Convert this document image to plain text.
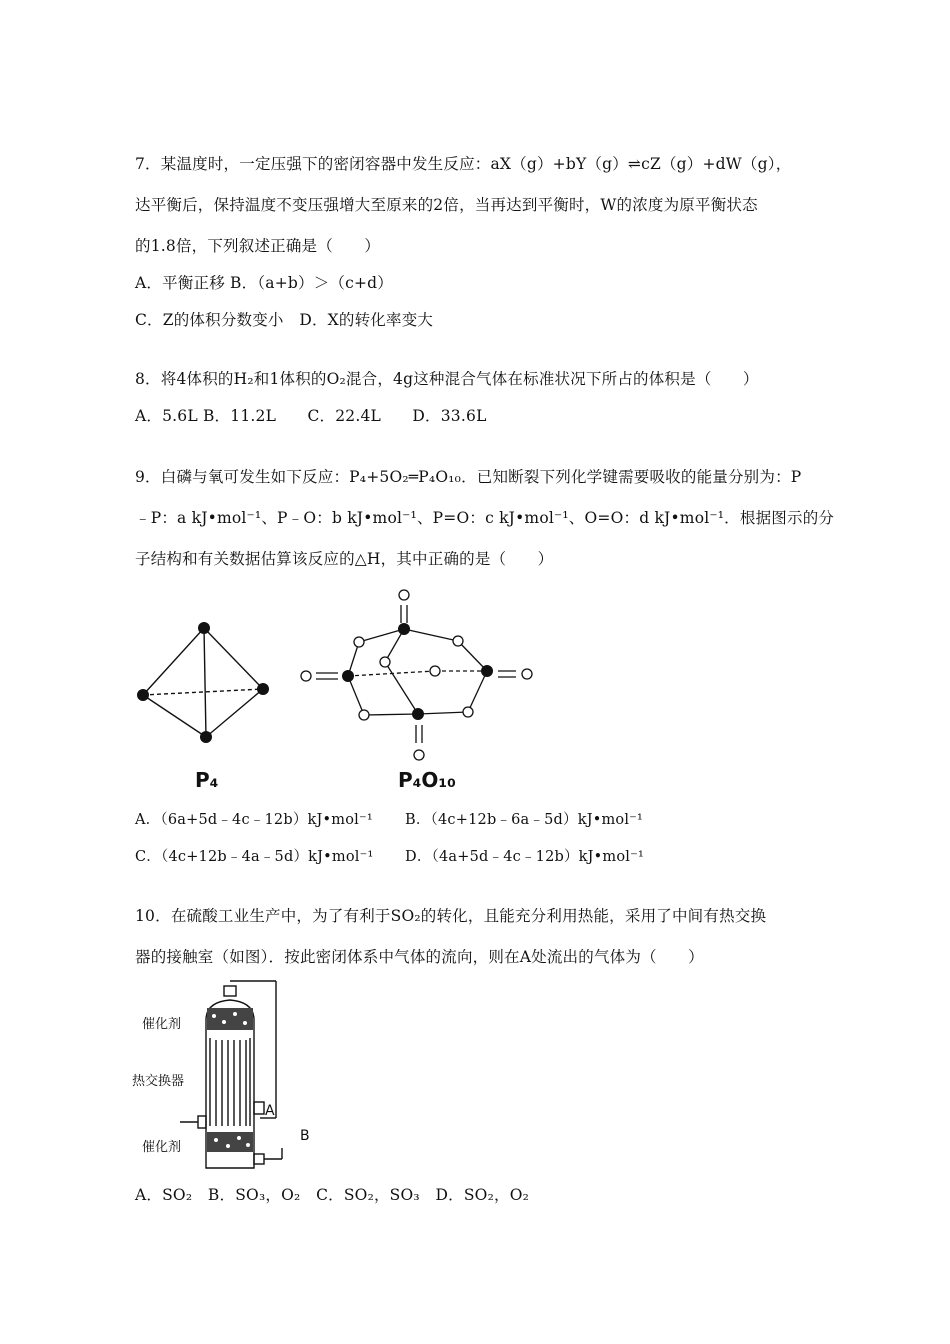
7．某温度时，一定压强下的密闭容器中发生反应：aX（g）+bY（g）⇌cZ（g）+dW（g），
达平衡后，保持温度不变压强增大至原来的2倍，当再达到平衡时，W的浓度为原平衡状态
的1.8倍，下列叙述正确是（　　）
A．平衡正移 B．（a+b）＞（c+d）
C．Z的体积分数变小　D．X的转化率变大
8．将4体积的H₂和1体积的O₂混合，4g这种混合气体在标准状况下所占的体积是（　　）
A．5.6L B．11.2L　　C．22.4L　　D．33.6L
9．白磷与氧可发生如下反应：P₄+5O₂═P₄O₁₀．已知断裂下列化学键需要吸收的能量分别为：P
﹣P：a kJ•mol⁻¹、P﹣O：b kJ•mol⁻¹、P=O：c kJ•mol⁻¹、O=O：d kJ•mol⁻¹．根据图示的分
子结构和有关数据估算该反应的△H，其中正确的是（　　）
P₄	P₄O₁₀
A．（6a+5d﹣4c﹣12b）kJ•mol⁻¹ B．（4c+12b﹣6a﹣5d）kJ•mol⁻¹
C．（4c+12b﹣4a﹣5d）kJ•mol⁻¹ D．（4a+5d﹣4c﹣12b）kJ•mol⁻¹
10．在硫酸工业生产中，为了有利于SO₂的转化，且能充分利用热能，采用了中间有热交换
器的接触室（如图）．按此密闭体系中气体的流向，则在A处流出的气体为（　　）
催化剂
热交换器
催化剂
A
B
A．SO₂　B．SO₃，O₂　C．SO₂，SO₃　D．SO₂，O₂
